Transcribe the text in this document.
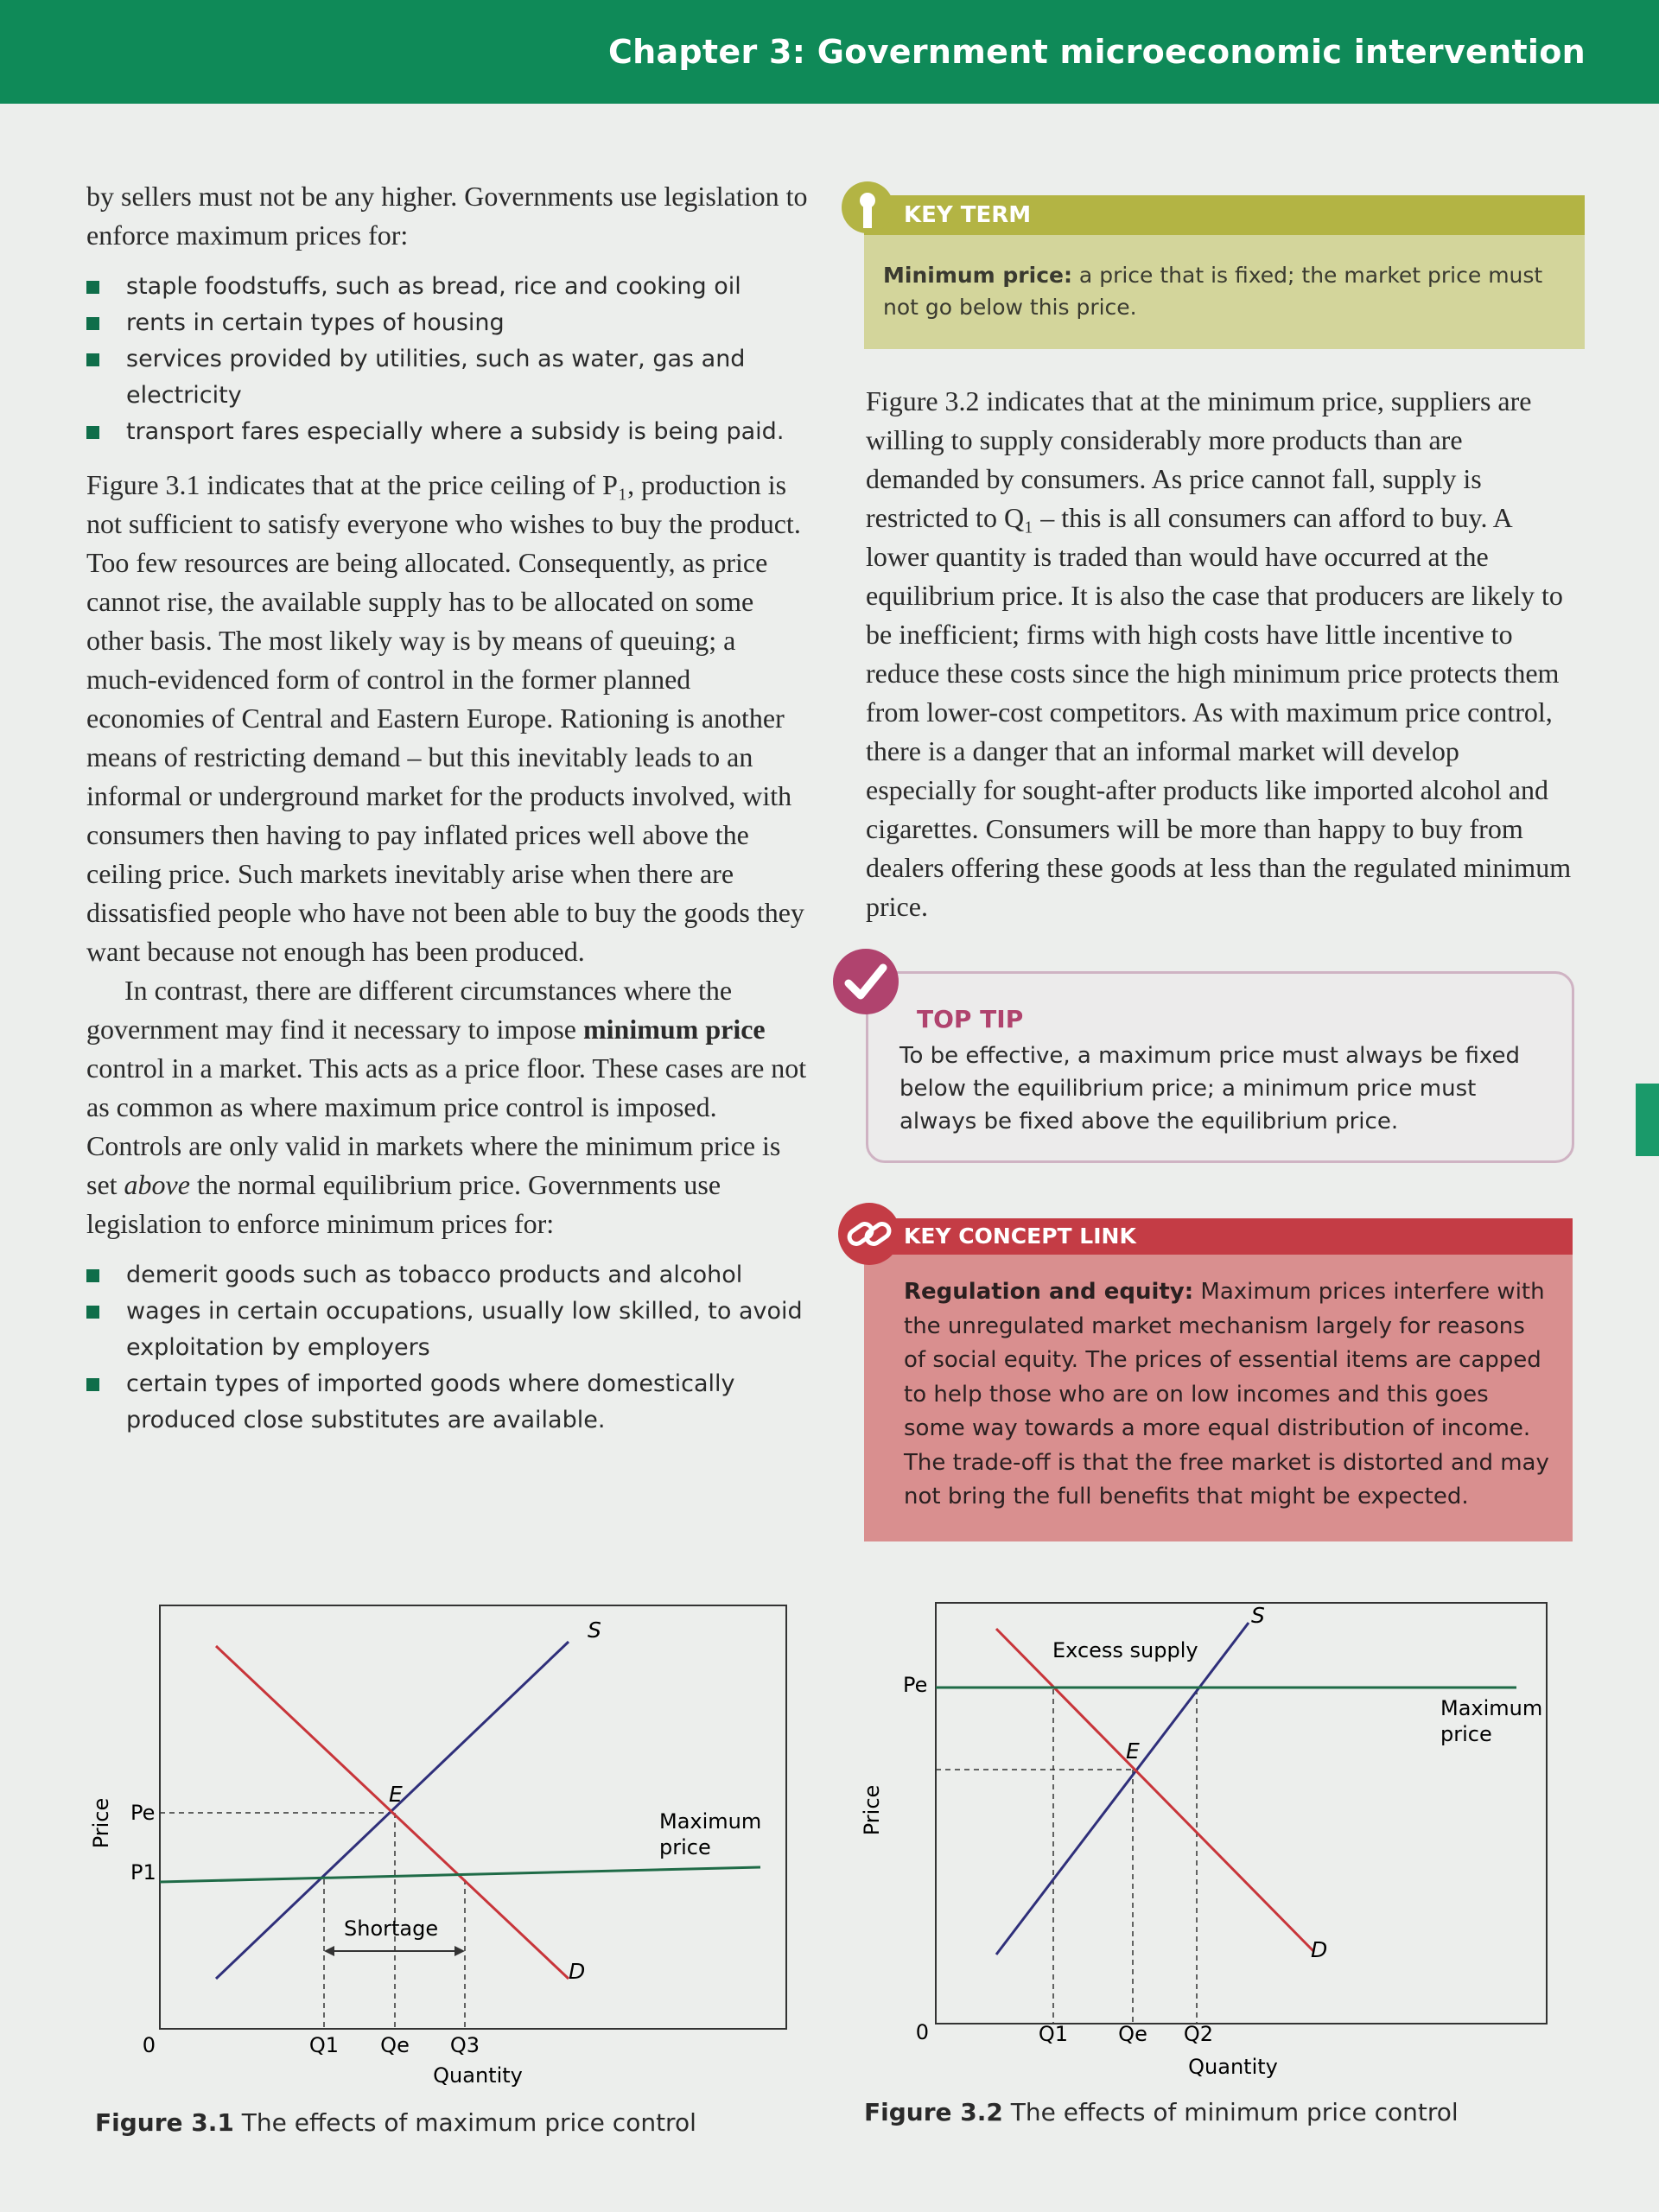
Chapter 3: Government microeconomic intervention

by sellers must not be any higher. Governments use legislation to enforce maximum prices for:

staple foodstuffs, such as bread, rice and cooking oil
rents in certain types of housing
services provided by utilities, such as water, gas and electricity
transport fares especially where a subsidy is being paid.

Figure 3.1 indicates that at the price ceiling of P₁, production is not sufficient to satisfy everyone who wishes to buy the product. Too few resources are being allocated. Consequently, as price cannot rise, the available supply has to be allocated on some other basis. The most likely way is by means of queuing; a much-evidenced form of control in the former planned economies of Central and Eastern Europe. Rationing is another means of restricting demand – but this inevitably leads to an informal or underground market for the products involved, with consumers then having to pay inflated prices well above the ceiling price. Such markets inevitably arise when there are dissatisfied people who have not been able to buy the goods they want because not enough has been produced.

In contrast, there are different circumstances where the government may find it necessary to impose minimum price control in a market. This acts as a price floor. These cases are not as common as where maximum price control is imposed. Controls are only valid in markets where the minimum price is set above the normal equilibrium price. Governments use legislation to enforce minimum prices for:

demerit goods such as tobacco products and alcohol
wages in certain occupations, usually low skilled, to avoid exploitation by employers
certain types of imported goods where domestically produced close substitutes are available.
KEY TERM
Minimum price: a price that is fixed; the market price must not go below this price.

Figure 3.2 indicates that at the minimum price, suppliers are willing to supply considerably more products than are demanded by consumers. As price cannot fall, supply is restricted to Q₁ – this is all consumers can afford to buy. A lower quantity is traded than would have occurred at the equilibrium price. It is also the case that producers are likely to be inefficient; firms with high costs have little incentive to reduce these costs since the high minimum price protects them from lower-cost competitors. As with maximum price control, there is a danger that an informal market will develop especially for sought-after products like imported alcohol and cigarettes. Consumers will be more than happy to buy from dealers offering these goods at less than the regulated minimum price.

TOP TIP
To be effective, a maximum price must always be fixed below the equilibrium price; a minimum price must always be fixed above the equilibrium price.
KEY CONCEPT LINK
Regulation and equity: Maximum prices interfere with the unregulated market mechanism largely for reasons of social equity. The prices of essential items are capped to help those who are on low incomes and this goes some way towards a more equal distribution of income. The trade-off is that the free market is distorted and may not bring the full benefits that might be expected.
Price
Quantity
0
S
D
E
Pe
P1
Q1 Qe Q3
Maximum
price
Shortage
Figure 3.1 The effects of maximum price control
Price
Quantity
0
S
D
E
Pe
Q1 Qe Q2
Excess supply
Maximum
price
Figure 3.2 The effects of minimum price control
